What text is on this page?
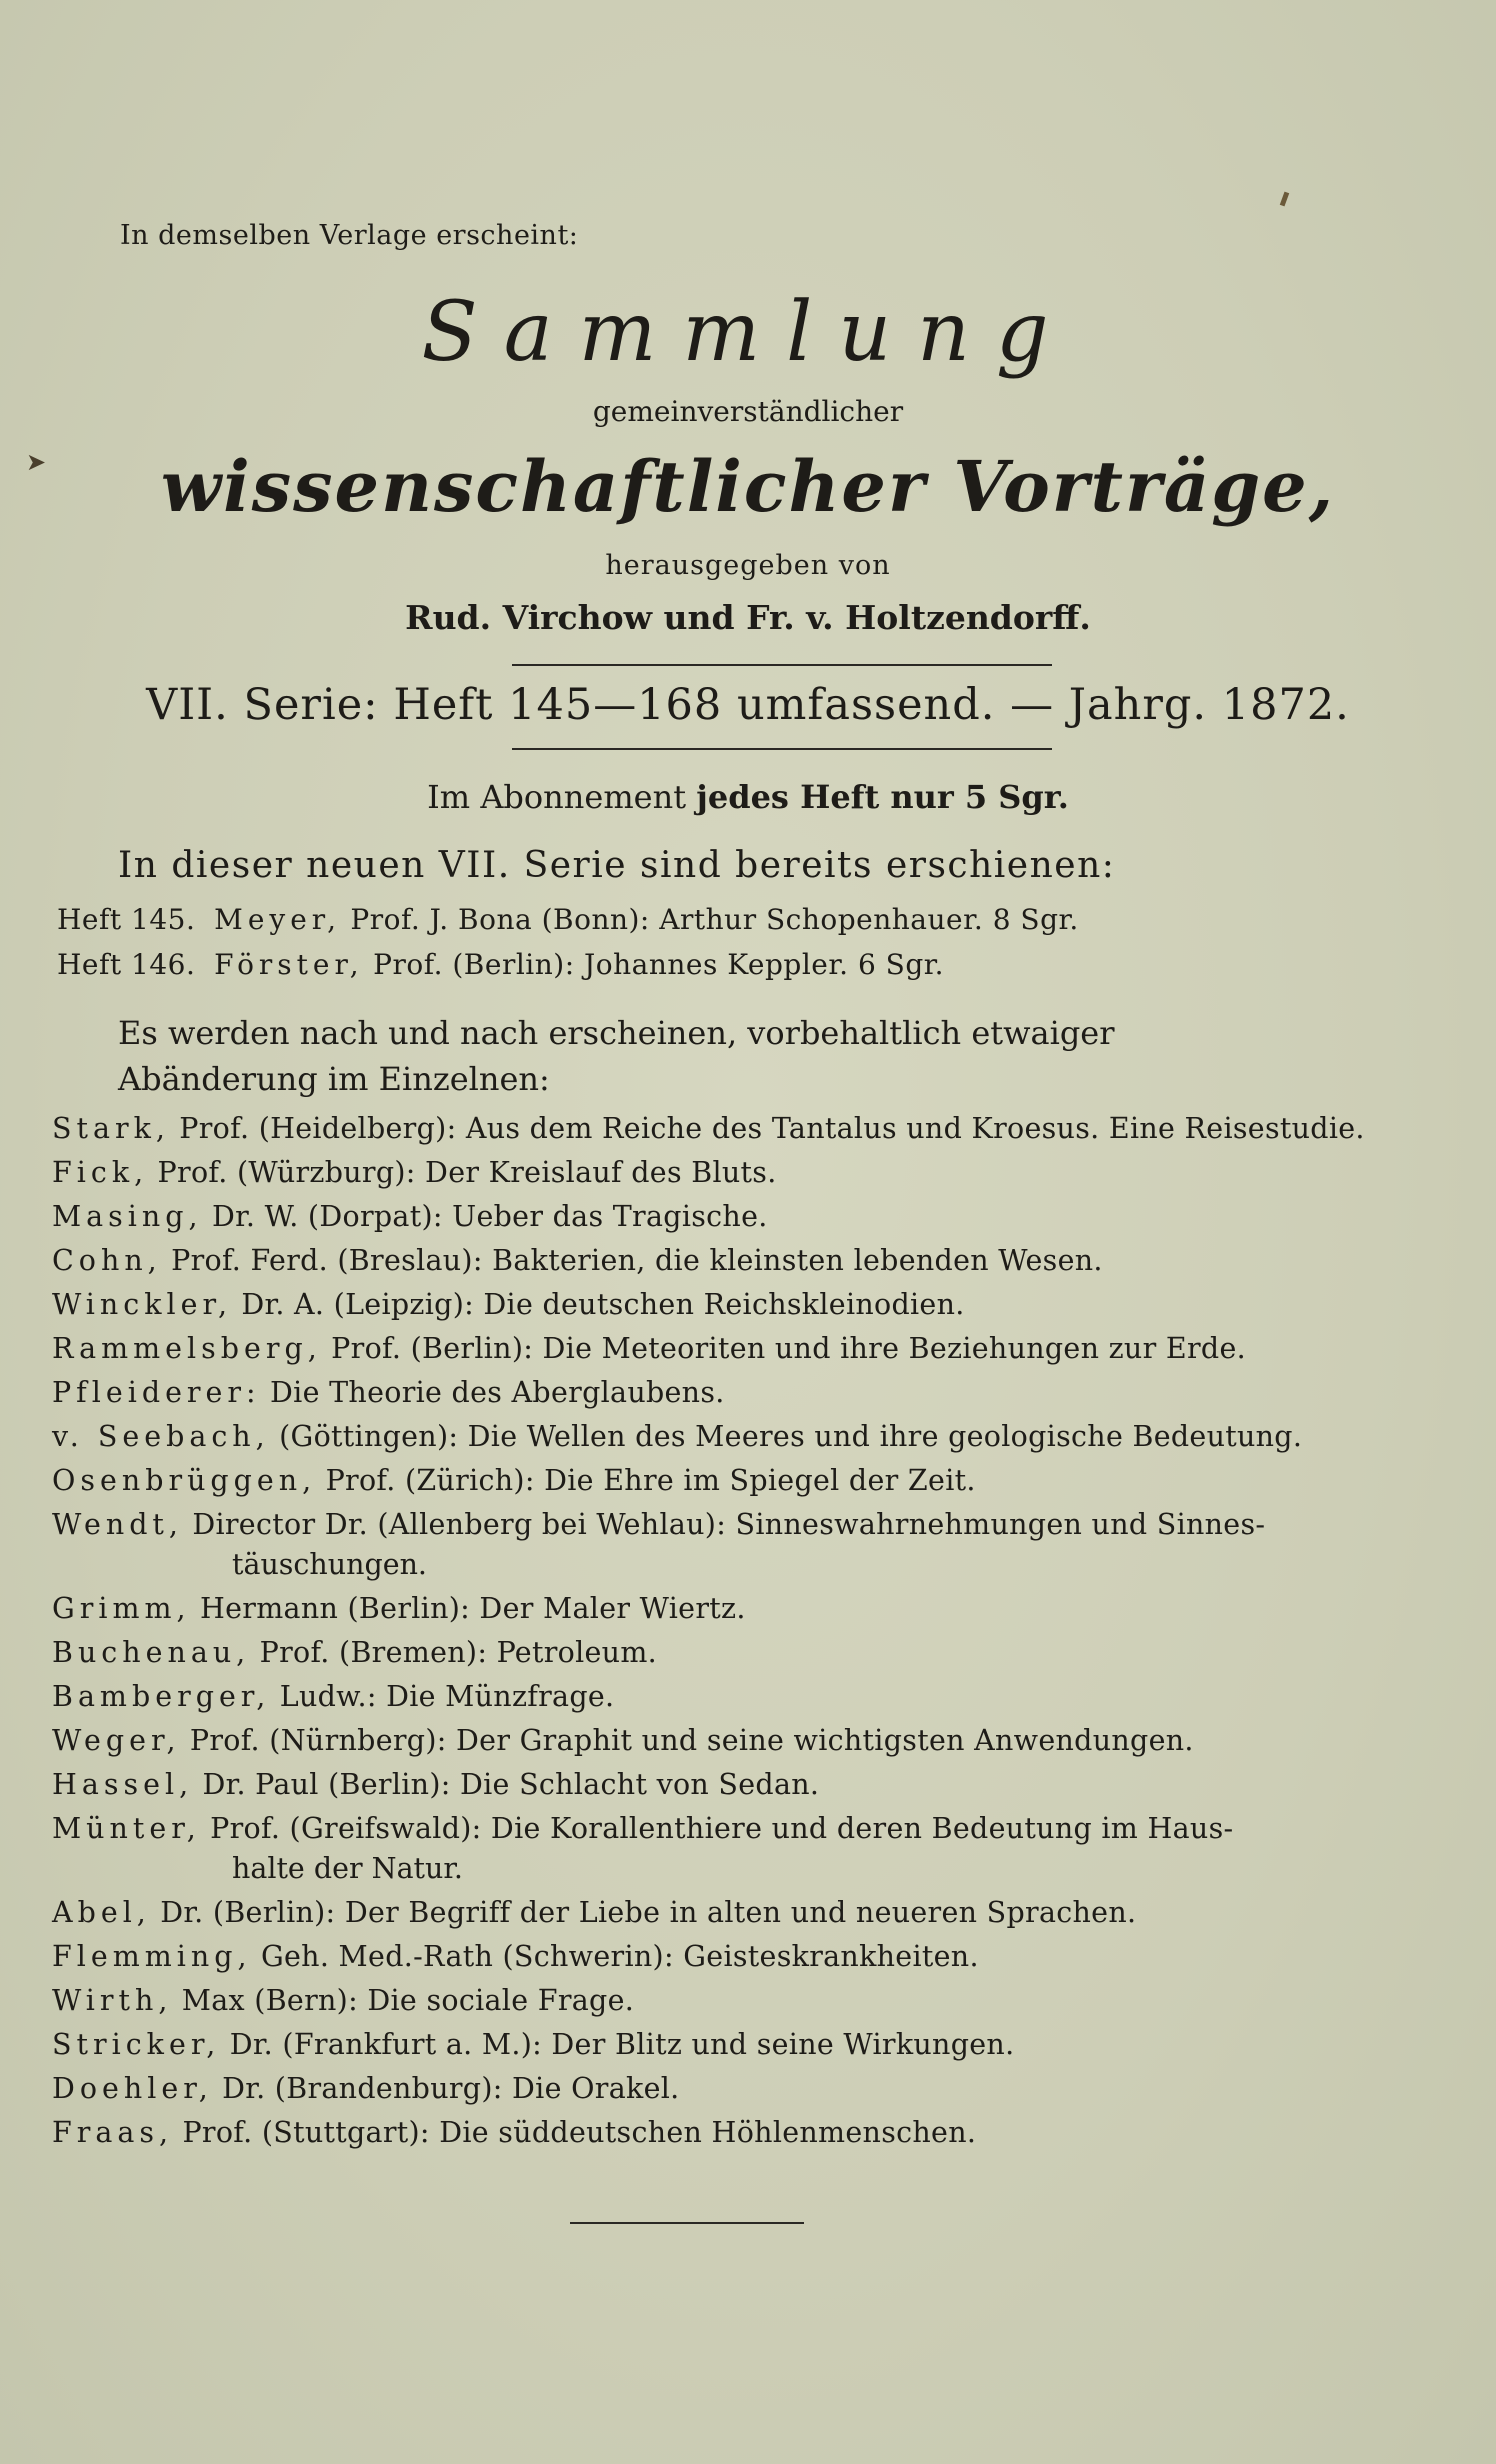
➤
In demselben Verlage erscheint:
Sammlung
gemeinverständlicher
wissenschaftlicher Vorträge,
herausgegeben von
Rud. Virchow und Fr. v. Holtzendorff.
VII. Serie: Heft 145—168 umfassend. — Jahrg. 1872.
Im Abonnement jedes Heft nur 5 Sgr.
In dieser neuen VII. Serie sind bereits erschienen:
Heft 145. Meyer, Prof. J. Bona (Bonn): Arthur Schopenhauer. 8 Sgr.
Heft 146. Förster, Prof. (Berlin): Johannes Keppler. 6 Sgr.
Es werden nach und nach erscheinen, vorbehaltlich etwaiger Abänderung im Einzelnen:
Stark, Prof. (Heidelberg): Aus dem Reiche des Tantalus und Kroesus. Eine Reisestudie.
Fick, Prof. (Würzburg): Der Kreislauf des Bluts.
Masing, Dr. W. (Dorpat): Ueber das Tragische.
Cohn, Prof. Ferd. (Breslau): Bakterien, die kleinsten lebenden Wesen.
Winckler, Dr. A. (Leipzig): Die deutschen Reichskleinodien.
Rammelsberg, Prof. (Berlin): Die Meteoriten und ihre Beziehungen zur Erde.
Pfleiderer: Die Theorie des Aberglaubens.
v. Seebach, (Göttingen): Die Wellen des Meeres und ihre geologische Bedeutung.
Osenbrüggen, Prof. (Zürich): Die Ehre im Spiegel der Zeit.
Wendt, Director Dr. (Allenberg bei Wehlau): Sinneswahrnehmungen und Sinnes-
täuschungen.
Grimm, Hermann (Berlin): Der Maler Wiertz.
Buchenau, Prof. (Bremen): Petroleum.
Bamberger, Ludw.: Die Münzfrage.
Weger, Prof. (Nürnberg): Der Graphit und seine wichtigsten Anwendungen.
Hassel, Dr. Paul (Berlin): Die Schlacht von Sedan.
Münter, Prof. (Greifswald): Die Korallenthiere und deren Bedeutung im Haus-
halte der Natur.
Abel, Dr. (Berlin): Der Begriff der Liebe in alten und neueren Sprachen.
Flemming, Geh. Med.-Rath (Schwerin): Geisteskrankheiten.
Wirth, Max (Bern): Die sociale Frage.
Stricker, Dr. (Frankfurt a. M.): Der Blitz und seine Wirkungen.
Doehler, Dr. (Brandenburg): Die Orakel.
Fraas, Prof. (Stuttgart): Die süddeutschen Höhlenmenschen.
